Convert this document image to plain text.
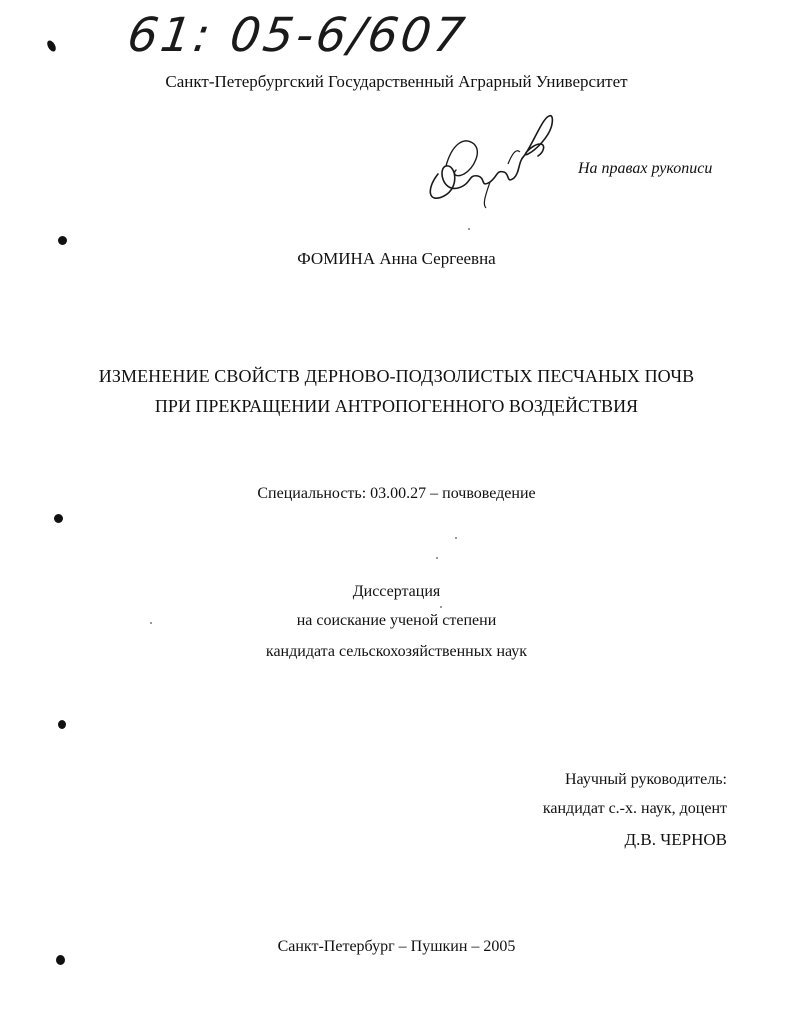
61: 05-6/607
Санкт-Петербургский Государственный Аграрный Университет
На правах рукописи
ФОМИНА Анна Сергеевна
ИЗМЕНЕНИЕ СВОЙСТВ ДЕРНОВО-ПОДЗОЛИСТЫХ ПЕСЧАНЫХ ПОЧВ
ПРИ ПРЕКРАЩЕНИИ АНТРОПОГЕННОГО ВОЗДЕЙСТВИЯ
Специальность: 03.00.27 – почвоведение
Диссертация
на соискание ученой степени
кандидата сельскохозяйственных наук
Научный руководитель:
кандидат с.-х. наук, доцент
Д.В. ЧЕРНОВ
Санкт-Петербург – Пушкин – 2005
